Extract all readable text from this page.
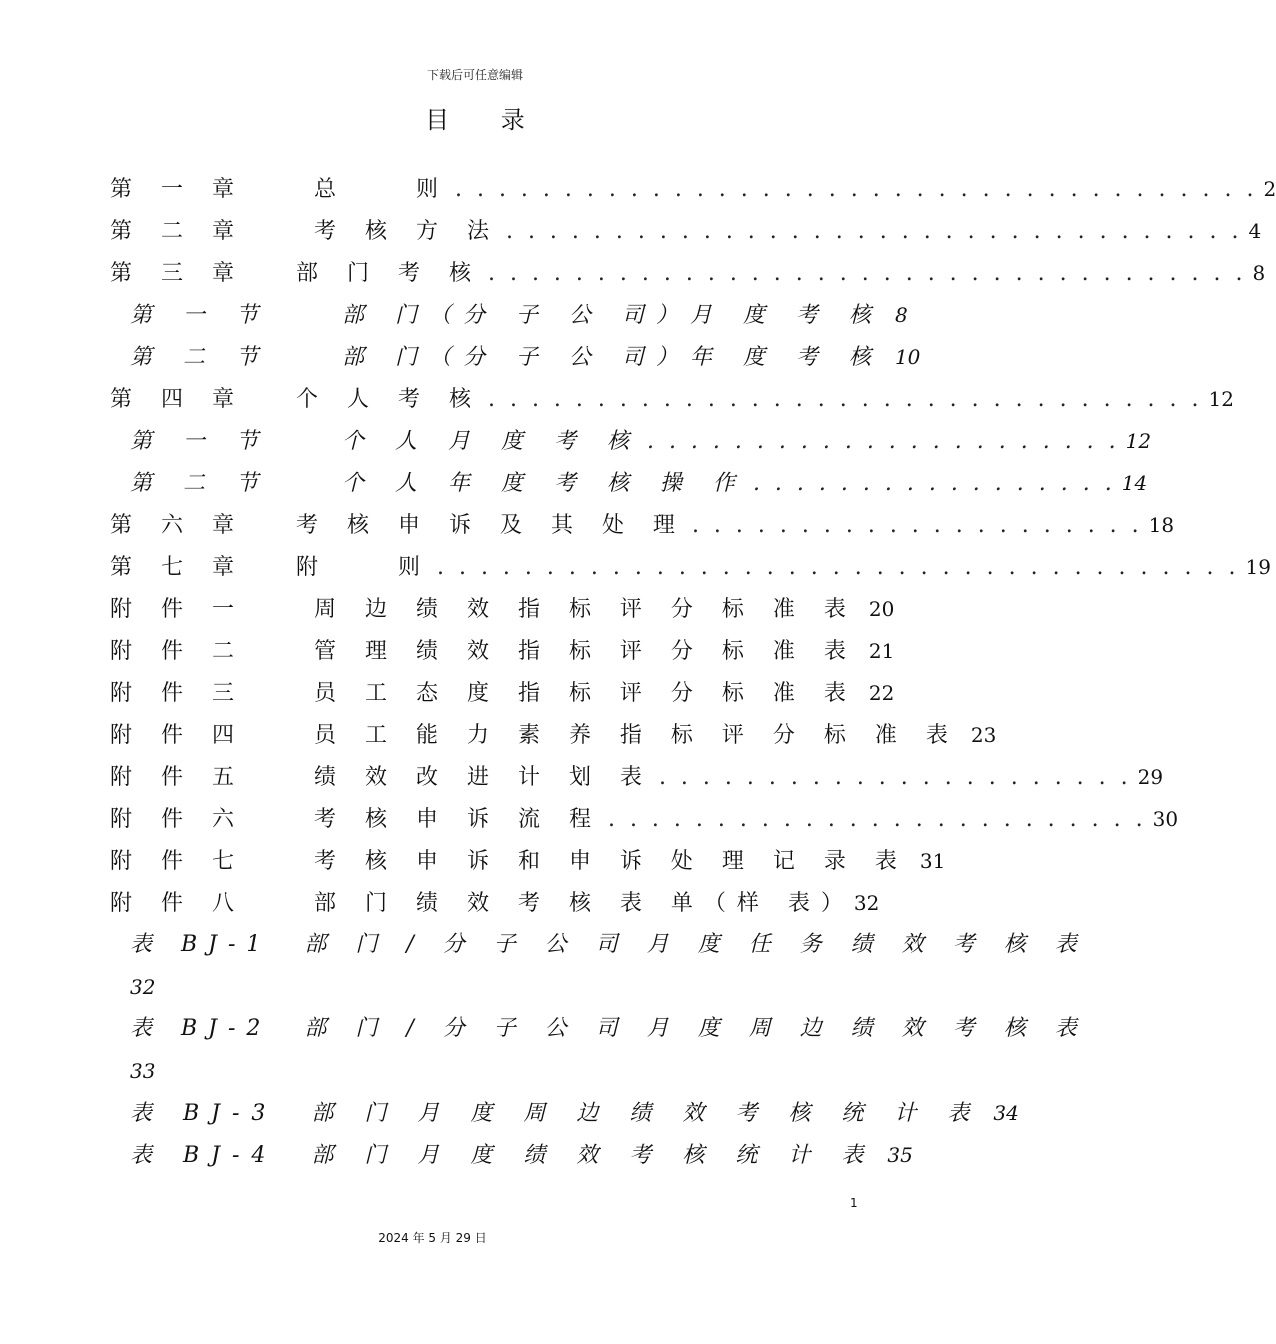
下载后可任意编辑
目 录
第 一 章 　 总 　 则 . . . . . . . . . . . . . . . . . . . . . . . . . . . . . . . . . . . . . 2
第 二 章 　 考 核 方 法 . . . . . . . . . . . . . . . . . . . . . . . . . . . . . . . . . . 4
第 三 章 　部 门 考 核 . . . . . . . . . . . . . . . . . . . . . . . . . . . . . . . . . . . 8
第 一 节 　 部 门（分 子 公 司）月 度 考 核 8
第 二 节 　 部 门（分 子 公 司）年 度 考 核 10
第 四 章 　个 人 考 核 . . . . . . . . . . . . . . . . . . . . . . . . . . . . . . . . . 12
第 一 节 　 个 人 月 度 考 核 . . . . . . . . . . . . . . . . . . . . . . 12
第 二 节 　 个 人 年 度 考 核 操 作 . . . . . . . . . . . . . . . . . 14
第 六 章 　考 核 申 诉 及 其 处 理 . . . . . . . . . . . . . . . . . . . . . 18
第 七 章 　附 　 则 . . . . . . . . . . . . . . . . . . . . . . . . . . . . . . . . . . . . . 19
附 件 一 　 周 边 绩 效 指 标 评 分 标 准 表 20
附 件 二 　 管 理 绩 效 指 标 评 分 标 准 表 21
附 件 三 　 员 工 态 度 指 标 评 分 标 准 表 22
附 件 四 　 员 工 能 力 素 养 指 标 评 分 标 准 表 23
附 件 五 　 绩 效 改 进 计 划 表 . . . . . . . . . . . . . . . . . . . . . . 29
附 件 六 　 考 核 申 诉 流 程 . . . . . . . . . . . . . . . . . . . . . . . . . 30
附 件 七 　 考 核 申 诉 和 申 诉 处 理 记 录 表 31
附 件 八 　 部 门 绩 效 考 核 表 单（样 表） 32
表 BJ-1　部 门 / 分 子 公 司 月 度 任 务 绩 效 考 核 表
32
表 BJ-2　部 门 / 分 子 公 司 月 度 周 边 绩 效 考 核 表
33
表 BJ-3　部 门 月 度 周 边 绩 效 考 核 统 计 表 34
表 BJ-4　部 门 月 度 绩 效 考 核 统 计 表 35
1
2024 年 5 月 29 日
